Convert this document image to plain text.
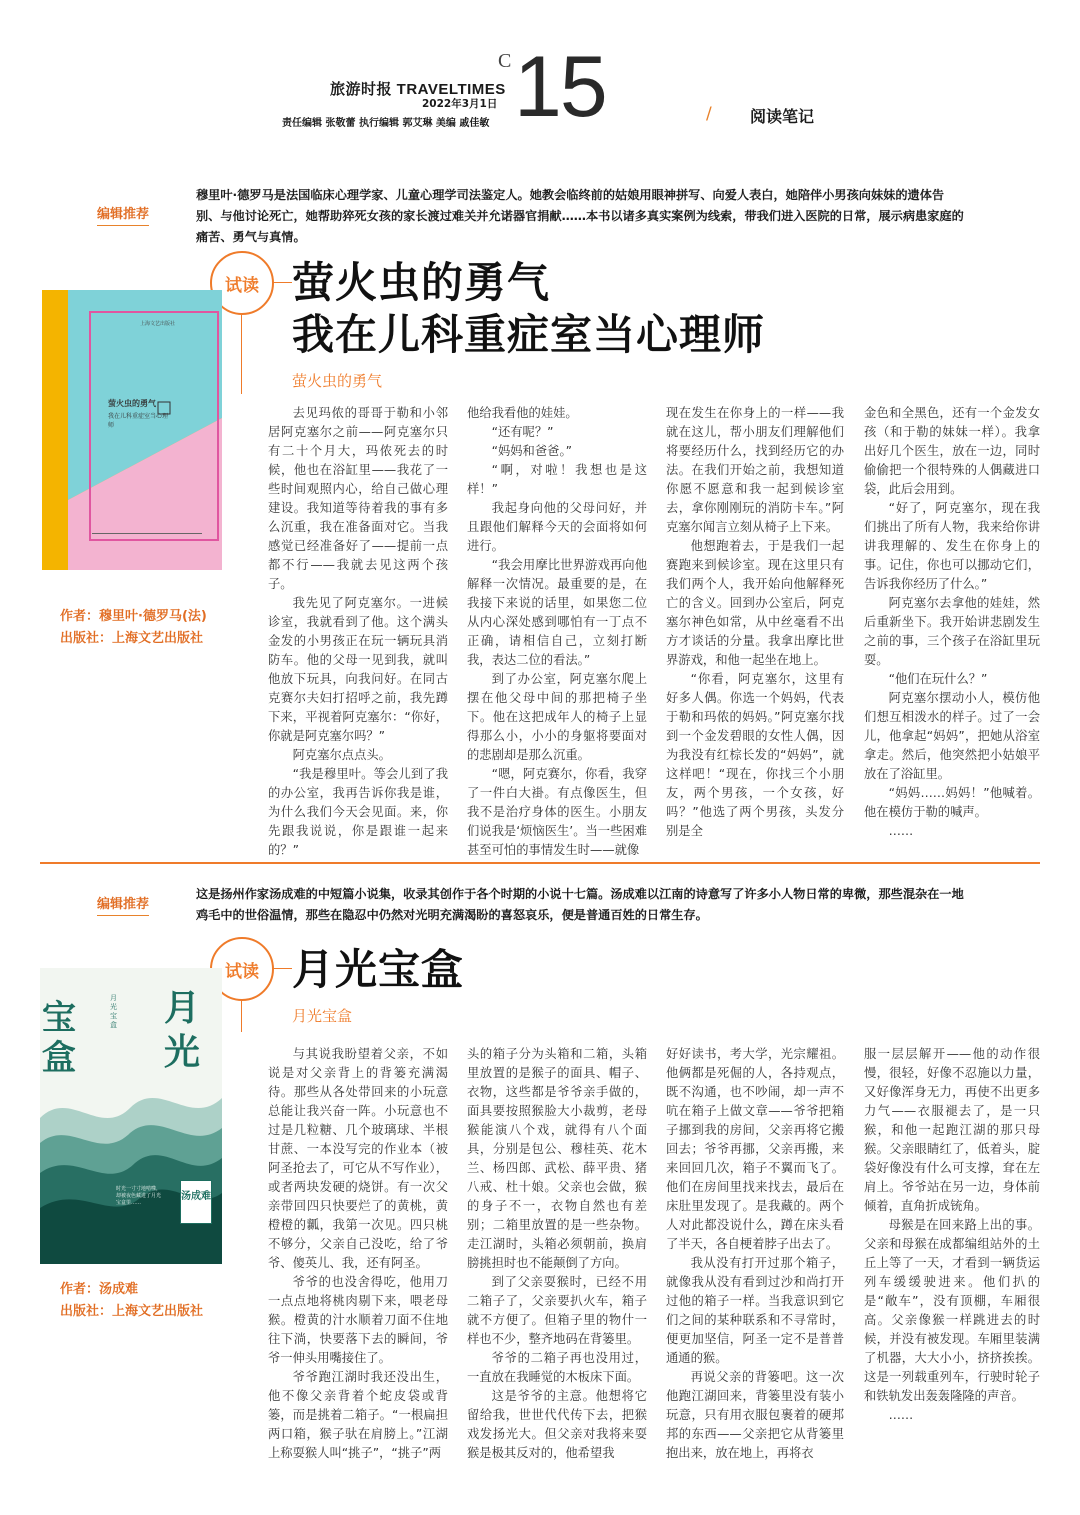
旅游时报 TRAVELTIMES
2022年3月1日
责任编辑 张敬蕾 执行编辑 郭艾琳 美编 戚佳敏
C 15	/ 阅读笔记
编辑推荐
穆里叶·德罗马是法国临床心理学家、儿童心理学司法鉴定人。她教会临终前的姑娘用眼神拼写、向爱人表白，她陪伴小男孩向妹妹的遗体告别、与他讨论死亡，她帮助猝死女孩的家长渡过难关并允诺器官捐献……本书以诸多真实案例为线索，带我们进入医院的日常，展示病患家庭的痛苦、勇气与真情。
试读 萤火虫的勇气
我在儿科重症室当心理师
萤火虫的勇气
上海文艺出版社
萤火虫的勇气
我在儿科重症室当心理师
作者：穆里叶·德罗马(法)
出版社：上海文艺出版社

去见玛侬的哥哥于勒和小邻居阿克塞尔之前——阿克塞尔只有二十个月大，玛侬死去的时候，他也在浴缸里——我花了一些时间观照内心，给自己做心理建设。我知道等待着我的事有多么沉重，我在准备面对它。当我感觉已经准备好了——提前一点都不行——我就去见这两个孩子。

我先见了阿克塞尔。一进候诊室，我就看到了他。这个满头金发的小男孩正在玩一辆玩具消防车。他的父母一见到我，就叫他放下玩具，向我问好。在同古克赛尔夫妇打招呼之前，我先蹲下来，平视着阿克塞尔：“你好，你就是阿克塞尔吗？”

阿克塞尔点点头。

“我是穆里叶。等会儿到了我的办公室，我再告诉你我是谁，为什么我们今天会见面。来，你先跟我说说，你是跟谁一起来的？”

他给我看他的娃娃。

“还有呢？”

“妈妈和爸爸。”

“啊，对啦！我想也是这样！”

我起身向他的父母问好，并且跟他们解释今天的会面将如何进行。

“我会用摩比世界游戏再向他解释一次情况。最重要的是，在我接下来说的话里，如果您二位从内心深处感到哪怕有一丁点不正确，请相信自己，立刻打断我，表达二位的看法。”

到了办公室，阿克塞尔爬上摆在他父母中间的那把椅子坐下。他在这把成年人的椅子上显得那么小，小小的身躯将要面对的悲剧却是那么沉重。

“嗯，阿克赛尔，你看，我穿了一件白大褂。有点像医生，但我不是治疗身体的医生。小朋友们说我是‘烦恼医生’。当一些困难甚至可怕的事情发生时——就像

现在发生在你身上的一样——我就在这儿，帮小朋友们理解他们将要经历什么，找到经历它的办法。在我们开始之前，我想知道你愿不愿意和我一起到候诊室去，拿你刚刚玩的消防卡车。”阿克塞尔闻言立刻从椅子上下来。

他想跑着去，于是我们一起赛跑来到候诊室。现在这里只有我们两个人，我开始向他解释死亡的含义。回到办公室后，阿克塞尔神色如常，从中丝毫看不出方才谈话的分量。我拿出摩比世界游戏，和他一起坐在地上。

“你看，阿克塞尔，这里有好多人偶。你选一个妈妈，代表于勒和玛侬的妈妈。”阿克塞尔找到一个金发碧眼的女性人偶，因为我没有红棕长发的“妈妈”，就这样吧！“现在，你找三个小朋友，两个男孩，一个女孩，好吗？”他选了两个男孩，头发分别是全

金色和全黑色，还有一个金发女孩（和于勒的妹妹一样）。我拿出好几个医生，放在一边，同时偷偷把一个很特殊的人偶藏进口袋，此后会用到。

“好了，阿克塞尔，现在我们挑出了所有人物，我来给你讲讲我理解的、发生在你身上的事。记住，你也可以挪动它们，告诉我你经历了什么。”

阿克塞尔去拿他的娃娃，然后重新坐下。我开始讲悲剧发生之前的事，三个孩子在浴缸里玩耍。

“他们在玩什么？”

阿克塞尔摆动小人，模仿他们想互相泼水的样子。过了一会儿，他拿起“妈妈”，把她从浴室拿走。然后，他突然把小姑娘平放在了浴缸里。

“妈妈……妈妈！”他喊着。他在模仿于勒的喊声。

……

编辑推荐
这是扬州作家汤成难的中短篇小说集，收录其创作于各个时期的小说十七篇。汤成难以江南的诗意写了许多小人物日常的卑微，那些混杂在一地鸡毛中的世俗温情，那些在隐忍中仍然对光明充满渴盼的喜怒哀乐，便是普通百姓的日常生存。
试读 月光宝盒
月光宝盒
宝盒
月光
月光宝盒
时光一寸寸地啃噬，却被夜色藏进了月光宝盒里……
汤成难
作者：汤成难
出版社：上海文艺出版社

与其说我盼望着父亲，不如说是对父亲背上的背篓充满渴待。那些从各处带回来的小玩意总能让我兴奋一阵。小玩意也不过是几粒糖、几个玻璃球、半根甘蔗、一本没写完的作业本（被阿圣抢去了，可它从不写作业），或者两块发硬的烧饼。有一次父亲带回四只快要烂了的黄桃，黄橙橙的瓤，我第一次见。四只桃不够分，父亲自己没吃，给了爷爷、傻英儿、我，还有阿圣。

爷爷的也没舍得吃，他用刀一点点地将桃肉剔下来，喂老母猴。橙黄的汁水顺着刀面不住地往下淌，快要落下去的瞬间，爷爷一伸头用嘴接住了。

爷爷跑江湖时我还没出生，他不像父亲背着个蛇皮袋或背篓，而是挑着二箱子。“一根扁担两口箱，猴子驮在肩膀上。”江湖上称耍猴人叫“挑子”，“挑子”两

头的箱子分为头箱和二箱，头箱里放置的是猴子的面具、帽子、衣物，这些都是爷爷亲手做的，面具要按照猴脸大小裁剪，老母猴能演八个戏，就得有八个面具，分别是包公、穆桂英、花木兰、杨四郎、武松、薛平贵、猪八戒、杜十娘。父亲也会做，猴的身子不一，衣物自然也有差别；二箱里放置的是一些杂物。走江湖时，头箱必须朝前，换肩膀挑担时也不能颠倒了方向。

到了父亲耍猴时，已经不用二箱子了，父亲要扒火车，箱子就不方便了。但箱子里的物什一样也不少，整齐地码在背篓里。

爷爷的二箱子再也没用过，一直放在我睡觉的木板床下面。

这是爷爷的主意。他想将它留给我，世世代代传下去，把猴戏发扬光大。但父亲对我将来耍猴是极其反对的，他希望我

好好读书，考大学，光宗耀祖。他俩都是死倔的人，各持观点，既不沟通，也不吵闹，却一声不吭在箱子上做文章——爷爷把箱子挪到我的房间，父亲再将它搬回去；爷爷再挪，父亲再搬，来来回回几次，箱子不翼而飞了。他们在房间里找来找去，最后在床肚里发现了。是我藏的。两个人对此都没说什么，蹲在床头看了半天，各自梗着脖子出去了。

我从没有打开过那个箱子，就像我从没有看到过沙和尚打开过他的箱子一样。当我意识到它们之间的某种联系和不寻常时，便更加坚信，阿圣一定不是普普通通的猴。

再说父亲的背篓吧。这一次他跑江湖回来，背篓里没有装小玩意，只有用衣服包裹着的硬邦邦的东西——父亲把它从背篓里抱出来，放在地上，再将衣

服一层层解开——他的动作很慢，很轻，好像不忍施以力量，又好像浑身无力，再使不出更多力气——衣服褪去了，是一只猴，和他一起跑江湖的那只母猴。父亲眼睛红了，低着头，腚袋好像没有什么可支撑，耷在左肩上。爷爷站在另一边，身体前倾着，直角折成铳角。

母猴是在回来路上出的事。父亲和母猴在成都编组站外的土丘上等了一天，才看到一辆货运列车缓缓驶进来。他们扒的是“敞车”，没有顶棚，车厢很高。父亲像猴一样跳进去的时候，并没有被发现。车厢里装满了机器，大大小小，挤挤挨挨。这是一列载重列车，行驶时轮子和铁轨发出轰轰隆隆的声音。

……
